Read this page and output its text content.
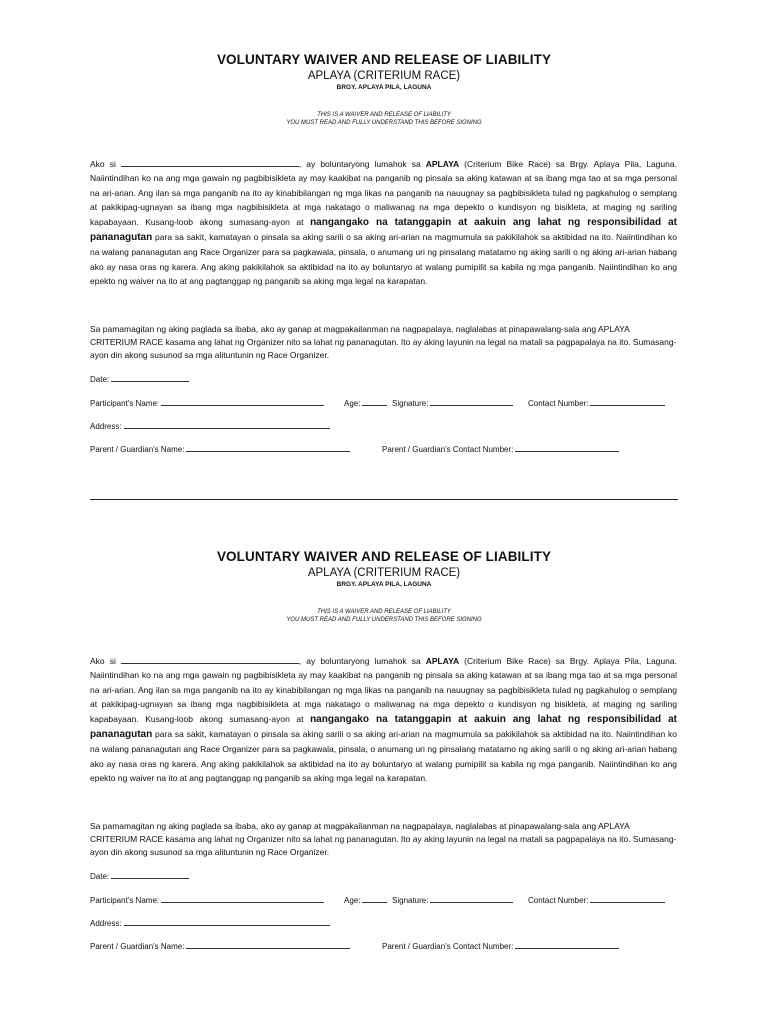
VOLUNTARY WAIVER AND RELEASE OF LIABILITY
APLAYA (CRITERIUM RACE)
BRGY. APLAYA PILA, LAGUNA
THIS IS A WAIVER AND RELEASE OF LIABILITY
YOU MUST READ AND FULLY UNDERSTAND THIS BEFORE SIGNING
Ako si	, ay boluntaryong lumahok sa APLAYA (Criterium Bike Race) sa Brgy. Aplaya Pila, Laguna. Naiintindihan ko na ang mga gawain ng pagbibisikleta ay may kaakibat na panganib ng pinsala sa aking katawan at sa ibang mga tao at sa mga personal na ari-arian. Ang ilan sa mga panganib na ito ay kinabibilangan ng mga likas na panganib na nauugnay sa pagbibisikleta tulad ng pagkahulog o semplang at pakikipag-ugnayan sa ibang mga nagbibisikleta at mga nakatago o maliwanag na mga depekto o kundisyon ng bisikleta, at maging ng sariling kapabayaan. Kusang-loob akong sumasang-ayon at nangangako na tatanggapin at aakuin ang lahat ng responsibilidad at pananagutan para sa sakit, kamatayan o pinsala sa aking sarili o sa aking ari-arian na magmumula sa pakikilahok sa aktibidad na ito. Naiintindihan ko na walang pananagutan ang Race Organizer para sa pagkawala, pinsala, o anumang uri ng pinsalang matatamo ng aking sarili o ng aking ari-arian habang ako ay nasa oras ng karera. Ang aking pakikilahok sa aktibidad na ito ay boluntaryo at walang pumipilit sa kabila ng mga panganib. Naiintindihan ko ang epekto ng waiver na ito at ang pagtanggap ng panganib sa aking mga legal na karapatan.
Sa pamamagitan ng aking paglada sa ibaba, ako ay ganap at magpakailanman na nagpapalaya, naglalabas at pinapawalang-sala ang APLAYA CRITERIUM RACE kasama ang lahat ng Organizer nito sa lahat ng pananagutan. Ito ay aking layunin na legal na matali sa pagpapalaya na ito. Sumasang-ayon din akong susunod sa mga alituntunin ng Race Organizer.
Date:
Participant's Name:	Age:	Signature:	Contact Number:
Address:
Parent / Guardian's Name:	Parent / Guardian's Contact Number:
VOLUNTARY WAIVER AND RELEASE OF LIABILITY
APLAYA (CRITERIUM RACE)
BRGY. APLAYA PILA, LAGUNA
THIS IS A WAIVER AND RELEASE OF LIABILITY
YOU MUST READ AND FULLY UNDERSTAND THIS BEFORE SIGNING
Ako si	, ay boluntaryong lumahok sa APLAYA (Criterium Bike Race) sa Brgy. Aplaya Pila, Laguna. Naiintindihan ko na ang mga gawain ng pagbibisikleta ay may kaakibat na panganib ng pinsala sa aking katawan at sa ibang mga tao at sa mga personal na ari-arian. Ang ilan sa mga panganib na ito ay kinabibilangan ng mga likas na panganib na nauugnay sa pagbibisikleta tulad ng pagkahulog o semplang at pakikipag-ugnayan sa ibang mga nagbibisikleta at mga nakatago o maliwanag na mga depekto o kundisyon ng bisikleta, at maging ng sariling kapabayaan. Kusang-loob akong sumasang-ayon at nangangako na tatanggapin at aakuin ang lahat ng responsibilidad at pananagutan para sa sakit, kamatayan o pinsala sa aking sarili o sa aking ari-arian na magmumula sa pakikilahok sa aktibidad na ito. Naiintindihan ko na walang pananagutan ang Race Organizer para sa pagkawala, pinsala, o anumang uri ng pinsalang matatamo ng aking sarili o ng aking ari-arian habang ako ay nasa oras ng karera. Ang aking pakikilahok sa aktibidad na ito ay boluntaryo at walang pumipilit sa kabila ng mga panganib. Naiintindihan ko ang epekto ng waiver na ito at ang pagtanggap ng panganib sa aking mga legal na karapatan.
Sa pamamagitan ng aking paglada sa ibaba, ako ay ganap at magpakailanman na nagpapalaya, naglalabas at pinapawalang-sala ang APLAYA CRITERIUM RACE kasama ang lahat ng Organizer nito sa lahat ng pananagutan. Ito ay aking layunin na legal na matali sa pagpapalaya na ito. Sumasang-ayon din akong susunod sa mga alituntunin ng Race Organizer.
Date:
Participant's Name:	Age:	Signature:	Contact Number:
Address:
Parent / Guardian's Name:	Parent / Guardian's Contact Number:
